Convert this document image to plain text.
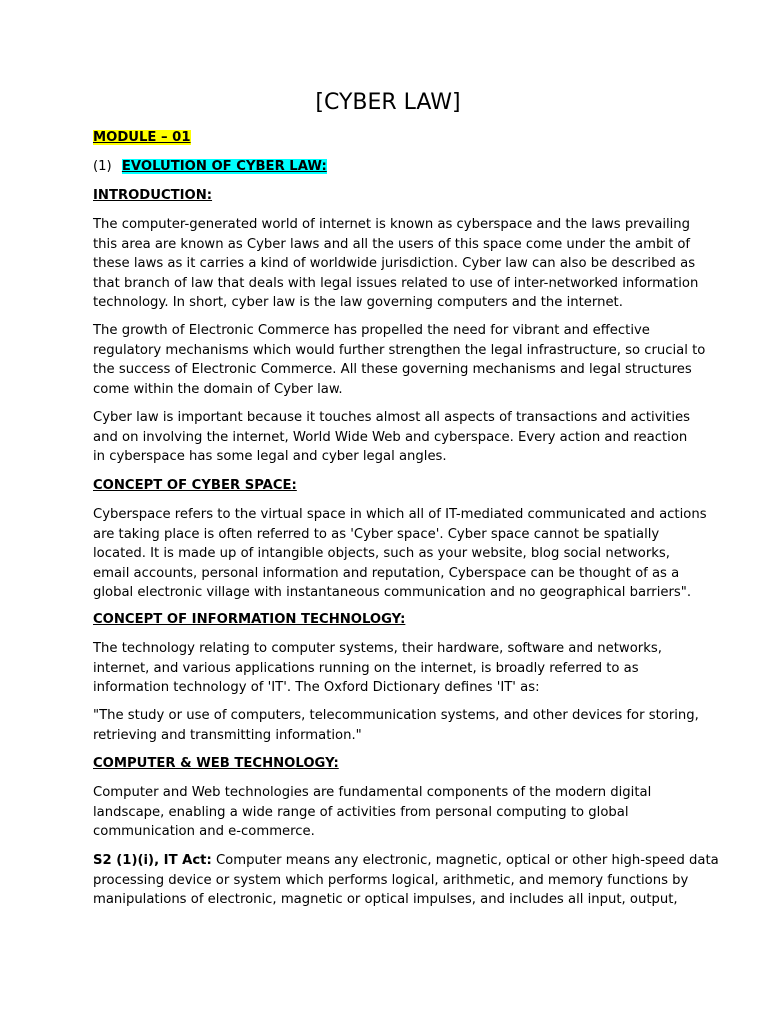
[CYBER LAW]
MODULE – 01
(1) EVOLUTION OF CYBER LAW:
INTRODUCTION:
The computer-generated world of internet is known as cyberspace and the laws prevailing
this area are known as Cyber laws and all the users of this space come under the ambit of
these laws as it carries a kind of worldwide jurisdiction. Cyber law can also be described as
that branch of law that deals with legal issues related to use of inter-networked information
technology. In short, cyber law is the law governing computers and the internet.
The growth of Electronic Commerce has propelled the need for vibrant and effective
regulatory mechanisms which would further strengthen the legal infrastructure, so crucial to
the success of Electronic Commerce. All these governing mechanisms and legal structures
come within the domain of Cyber law.
Cyber law is important because it touches almost all aspects of transactions and activities
and on involving the internet, World Wide Web and cyberspace. Every action and reaction
in cyberspace has some legal and cyber legal angles.
CONCEPT OF CYBER SPACE:
Cyberspace refers to the virtual space in which all of IT-mediated communicated and actions
are taking place is often referred to as 'Cyber space'. Cyber space cannot be spatially
located. It is made up of intangible objects, such as your website, blog social networks,
email accounts, personal information and reputation, Cyberspace can be thought of as a
global electronic village with instantaneous communication and no geographical barriers".
CONCEPT OF INFORMATION TECHNOLOGY:
The technology relating to computer systems, their hardware, software and networks,
internet, and various applications running on the internet, is broadly referred to as
information technology of 'IT'. The Oxford Dictionary defines 'IT' as:
"The study or use of computers, telecommunication systems, and other devices for storing,
retrieving and transmitting information."
COMPUTER & WEB TECHNOLOGY:
Computer and Web technologies are fundamental components of the modern digital
landscape, enabling a wide range of activities from personal computing to global
communication and e-commerce.
S2 (1)(i), IT Act: Computer means any electronic, magnetic, optical or other high-speed data
processing device or system which performs logical, arithmetic, and memory functions by
manipulations of electronic, magnetic or optical impulses, and includes all input, output,
